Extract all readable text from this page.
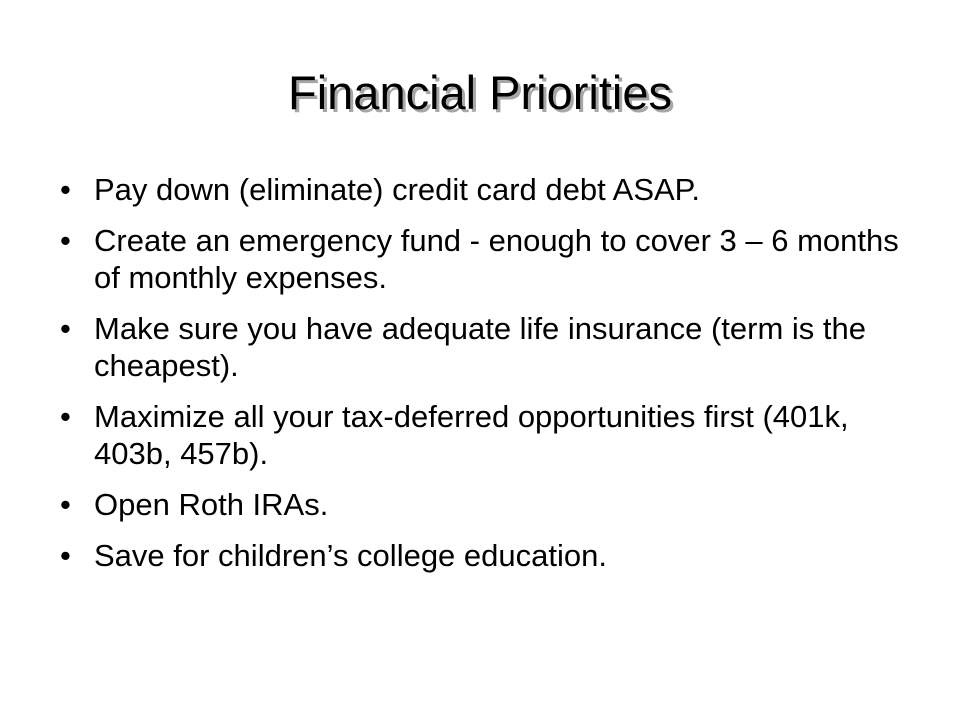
Financial Priorities
• Pay down (eliminate) credit card debt ASAP.
• Create an emergency fund - enough to cover 3 – 6 months of monthly expenses.
• Make sure you have adequate life insurance (term is the cheapest).
• Maximize all your tax-deferred opportunities first (401k, 403b, 457b).
• Open Roth IRAs.
• Save for children’s college education.
